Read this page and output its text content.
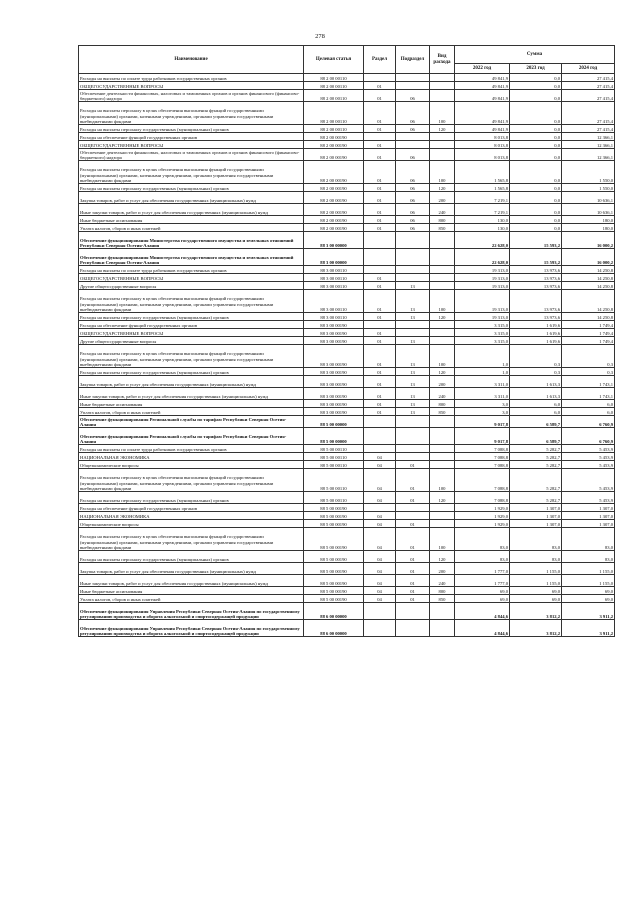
278
Наименование	Целевая статья	Раздел	Подраздел	Вид расхода	Сумма		
					2022 год	2023 год	2024 год
Расходы на выплаты по оплате труда работников государственных органов	88 2 00 00110				49 841,9	0,0	27 415,4
ОБЩЕГОСУДАРСТВЕННЫЕ ВОПРОСЫ	88 2 00 00110	01			49 841,9	0,0	27 415,4
Обеспечение деятельности финансовых, налоговых и таможенных органов и органов финансового (финансово-бюджетного) надзора	88 2 00 00110	01	06		49 841,9	0,0	27 415,4
Расходы на выплаты персоналу в целях обеспечения выполнения функций государственными (муниципальными) органами, казенными учреждениями, органами управления государственными внебюджетными фондами	88 2 00 00110	01	06	100	49 841,9	0,0	27 415,4
Расходы на выплаты персоналу государственных (муниципальных) органов	88 2 00 00110	01	06	120	49 841,9	0,0	27 415,4
Расходы на обеспечение функций государственных органов	88 2 00 00190				8 013,8	0,0	12 366,1
ОБЩЕГОСУДАРСТВЕННЫЕ ВОПРОСЫ	88 2 00 00190	01			8 013,8	0,0	12 366,1
Обеспечение деятельности финансовых, налоговых и таможенных органов и органов финансового (финансово-бюджетного) надзора	88 2 00 00190	01	06		8 013,8	0,0	12 366,1
Расходы на выплаты персоналу в целях обеспечения выполнения функций государственными (муниципальными) органами, казенными учреждениями, органами управления государственными внебюджетными фондами	88 2 00 00190	01	06	100	1 565,8	0,0	1 550,0
Расходы на выплаты персоналу государственных (муниципальных) органов	88 2 00 00190	01	06	120	1 565,8	0,0	1 550,0
Закупка товаров, работ и услуг для обеспечения государственных (муниципальных) нужд	88 2 00 00190	01	06	200	7 219,1	0,0	10 636,1
Иные закупки товаров, работ и услуг для обеспечения государственных (муниципальных) нужд	88 2 00 00190	01	06	240	7 219,1	0,0	10 636,1
Иные бюджетные ассигнования	88 2 00 00190	01	06	800	130,0	0,0	180,0
Уплата налогов, сборов и иных платежей	88 2 00 00190	01	06	850	130,0	0,0	180,0
Обеспечение функционирования Министерства государственного имущества и земельных отношений Республики Северная Осетия-Алания	88 3 00 00000				22 628,0	15 593,2	16 000,2
Обеспечение функционирования Министерства государственного имущества и земельных отношений Республики Северная Осетия-Алания	88 3 00 00000				22 628,0	15 593,2	16 000,2
Расходы на выплаты по оплате труда работников государственных органов	88 3 00 00110				19 313,0	13 973,6	14 250,8
ОБЩЕГОСУДАРСТВЕННЫЕ ВОПРОСЫ	88 3 00 00110	01			19 313,0	13 973,6	14 250,8
Другие общегосударственные вопросы	88 3 00 00110	01	13		19 313,0	13 973,6	14 250,8
Расходы на выплаты персоналу в целях обеспечения выполнения функций государственными (муниципальными) органами, казенными учреждениями, органами управления государственными внебюджетными фондами	88 3 00 00110	01	13	100	19 313,0	13 973,6	14 250,8
Расходы на выплаты персоналу государственных (муниципальных) органов	88 3 00 00110	01	13	120	19 313,0	13 973,6	14 250,8
Расходы на обеспечение функций государственных органов	88 3 00 00190				3 315,0	1 619,6	1 749,4
ОБЩЕГОСУДАРСТВЕННЫЕ ВОПРОСЫ	88 3 00 00190	01			3 315,0	1 619,6	1 749,4
Другие общегосударственные вопросы	88 3 00 00190	01	13		3 315,0	1 619,6	1 749,4
Расходы на выплаты персоналу в целях обеспечения выполнения функций государственными (муниципальными) органами, казенными учреждениями, органами управления государственными внебюджетными фондами	88 3 00 00190	01	13	100	1,0	0,3	0,3
Расходы на выплаты персоналу государственных (муниципальных) органов	88 3 00 00190	01	13	120	1,0	0,3	0,3
Закупка товаров, работ и услуг для обеспечения государственных (муниципальных) нужд	88 3 00 00190	01	13	200	3 311,0	1 613,3	1 743,1
Иные закупки товаров, работ и услуг для обеспечения государственных (муниципальных) нужд	88 3 00 00190	01	13	240	3 311,0	1 613,3	1 743,1
Иные бюджетные ассигнования	88 3 00 00190	01	13	800	3,0	6,0	6,0
Уплата налогов, сборов и иных платежей	88 3 00 00190	01	13	850	3,0	6,0	6,0
Обеспечение функционирования Региональной службы по тарифам Республики Северная Осетия-Алания	88 5 00 00000				9 017,8	6 589,7	6 760,9
Обеспечение функционирования Региональной службы по тарифам Республики Северная Осетия-Алания	88 5 00 00000				9 017,8	6 589,7	6 760,9
Расходы на выплаты по оплате труда работников государственных органов	88 5 00 00110				7 088,8	5 282,7	5 453,9
НАЦИОНАЛЬНАЯ ЭКОНОМИКА	88 5 00 00110	04			7 088,8	5 282,7	5 453,9
Общеэкономические вопросы	88 5 00 00110	04	01		7 088,8	5 282,7	5 453,9
Расходы на выплаты персоналу в целях обеспечения выполнения функций государственными (муниципальными) органами, казенными учреждениями, органами управления государственными внебюджетными фондами	88 5 00 00110	04	01	100	7 088,8	5 282,7	5 453,9
Расходы на выплаты персоналу государственных (муниципальных) органов	88 5 00 00110	04	01	120	7 088,8	5 282,7	5 453,9
Расходы на обеспечение функций государственных органов	88 5 00 00190				1 929,0	1 307,0	1 307,0
НАЦИОНАЛЬНАЯ ЭКОНОМИКА	88 5 00 00190	04			1 929,0	1 307,0	1 307,0
Общеэкономические вопросы	88 5 00 00190	04	01		1 929,0	1 307,0	1 307,0
Расходы на выплаты персоналу в целях обеспечения выполнения функций государственными (муниципальными) органами, казенными учреждениями, органами управления государственными внебюджетными фондами	88 5 00 00190	04	01	100	83,0	83,0	83,0
Расходы на выплаты персоналу государственных (муниципальных) органов	88 5 00 00190	04	01	120	83,0	83,0	83,0
Закупка товаров, работ и услуг для обеспечения государственных (муниципальных) нужд	88 5 00 00190	04	01	200	1 777,0	1 155,0	1 155,0
Иные закупки товаров, работ и услуг для обеспечения государственных (муниципальных) нужд	88 5 00 00190	04	01	240	1 777,0	1 155,0	1 155,0
Иные бюджетные ассигнования	88 5 00 00190	04	01	800	69,0	69,0	69,0
Уплата налогов, сборов и иных платежей	88 5 00 00190	04	01	850	69,0	69,0	69,0
Обеспечение функционирования Управления Республики Северная Осетия-Алания по государственному регулированию производства и оборота алкогольной и спиртосодержащей продукции	88 6 00 00000				4 844,6	3 812,2	3 911,2
Обеспечение функционирования Управления Республики Северная Осетия-Алания по государственному регулированию производства и оборота алкогольной и спиртосодержащей продукции	88 6 00 00000				4 844,6	3 812,2	3 911,2
